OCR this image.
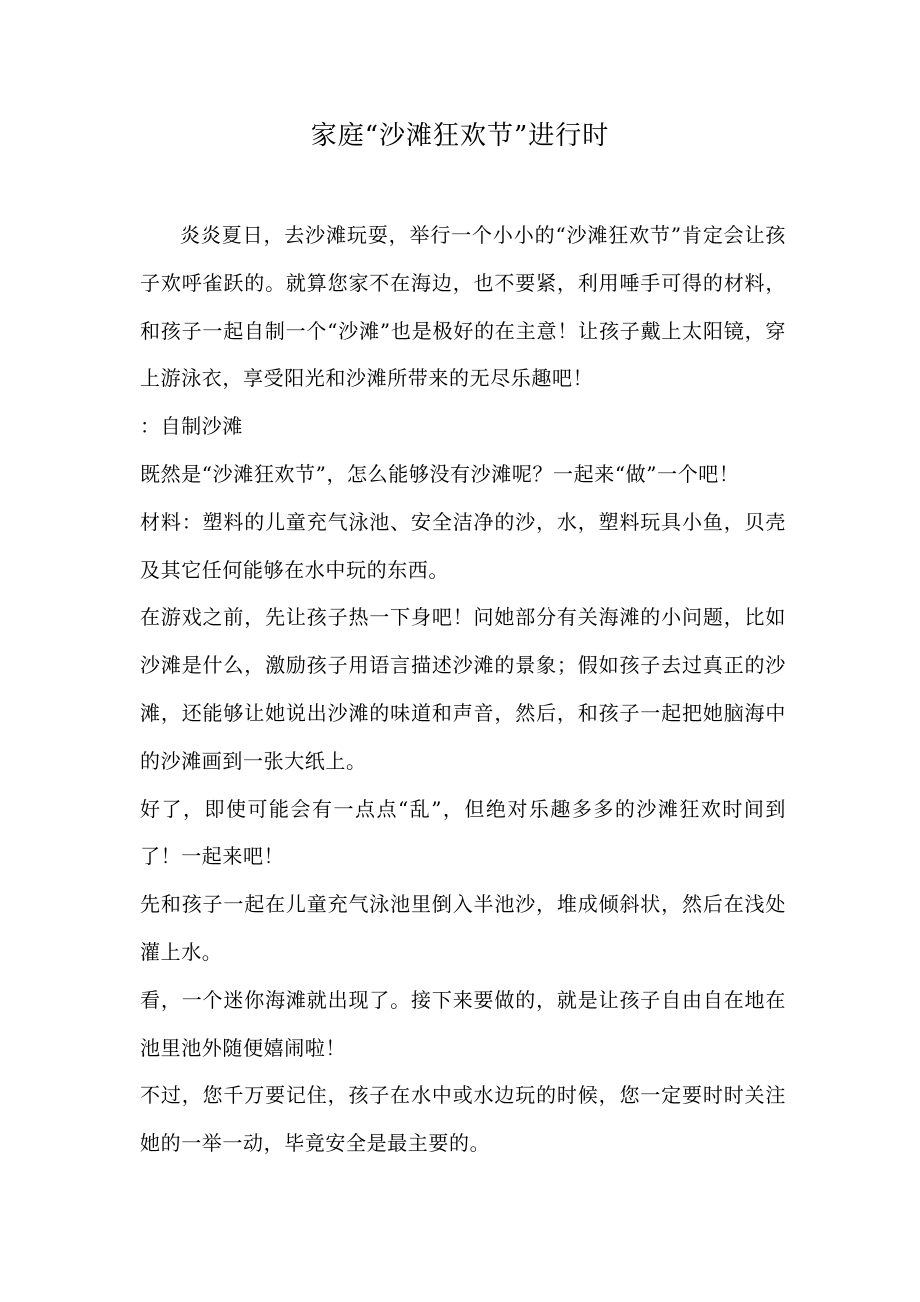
家庭“沙滩狂欢节”进行时

炎炎夏日，去沙滩玩耍，举行一个小小的“沙滩狂欢节”肯定会让孩子欢呼雀跃的。就算您家不在海边，也不要紧，利用唾手可得的材料，和孩子一起自制一个“沙滩”也是极好的在主意！让孩子戴上太阳镜，穿上游泳衣，享受阳光和沙滩所带来的无尽乐趣吧！

：自制沙滩

既然是“沙滩狂欢节”，怎么能够没有沙滩呢？一起来“做”一个吧！

材料：塑料的儿童充气泳池、安全洁净的沙，水，塑料玩具小鱼，贝壳及其它任何能够在水中玩的东西。

在游戏之前，先让孩子热一下身吧！问她部分有关海滩的小问题，比如沙滩是什么，激励孩子用语言描述沙滩的景象；假如孩子去过真正的沙滩，还能够让她说出沙滩的味道和声音，然后，和孩子一起把她脑海中的沙滩画到一张大纸上。

好了，即使可能会有一点点“乱”，但绝对乐趣多多的沙滩狂欢时间到了！一起来吧！

先和孩子一起在儿童充气泳池里倒入半池沙，堆成倾斜状，然后在浅处灌上水。

看，一个迷你海滩就出现了。接下来要做的，就是让孩子自由自在地在池里池外随便嬉闹啦！

不过，您千万要记住，孩子在水中或水边玩的时候，您一定要时时关注她的一举一动，毕竟安全是最主要的。
